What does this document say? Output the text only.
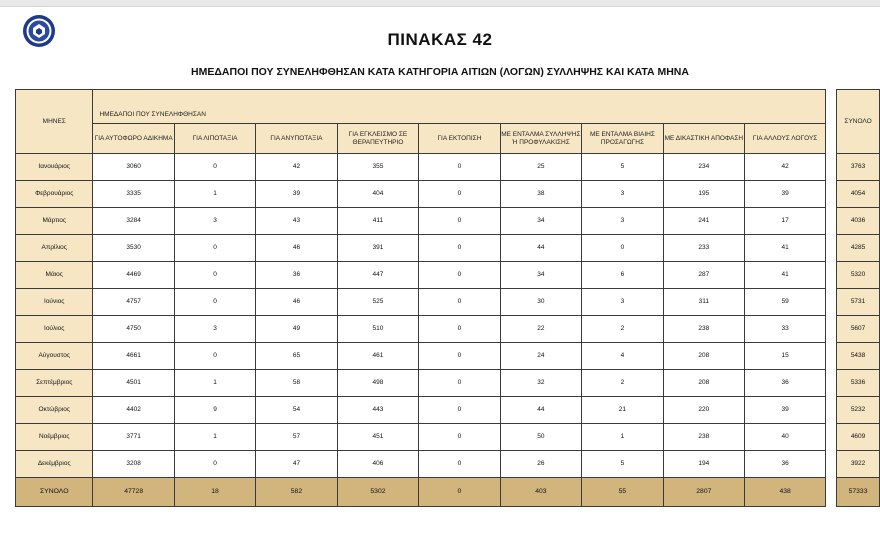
ΠΙΝΑΚΑΣ 42
ΗΜΕΔΑΠΟΙ ΠΟΥ ΣΥΝΕΛΗΦΘΗΣΑΝ ΚΑΤΑ ΚΑΤΗΓΟΡΙΑ ΑΙΤΙΩΝ (ΛΟΓΩΝ) ΣΥΛΛΗΨΗΣ ΚΑΙ ΚΑΤΑ ΜΗΝΑ
ΜΗΝΕΣ	ΗΜΕΔΑΠΟΙ ΠΟΥ ΣΥΝΕΛΗΦΘΗΣΑΝ										ΣΥΝΟΛΟ
	ΓΙΑ ΑΥΤΟΦΩΡΟ ΑΔΙΚΗΜΑ	ΓΙΑ ΛΙΠΟΤΑΞΙΑ	ΓΙΑ ΑΝΥΠΟΤΑΞΙΑ	ΓΙΑ ΕΓΚΛΕΙΣΜΟ ΣΕ ΘΕΡΑΠΕΥΤΗΡΙΟ	ΓΙΑ ΕΚΤΟΠΙΣΗ	ΜΕ ΕΝΤΑΛΜΑ ΣΥΛΛΗΨΗΣ Ή ΠΡΟΦΥΛΑΚΙΣΗΣ	ΜΕ ΕΝΤΑΛΜΑ ΒΙΑΙΗΣ ΠΡΟΣΑΓΩΓΗΣ	ΜΕ ΔΙΚΑΣΤΙΚΗ ΑΠΟΦΑΣΗ	ΓΙΑ ΑΛΛΟΥΣ ΛΟΓΟΥΣ		
Ιανουάριος	3060	0	42	355	0	25	5	234	42		3763
Φεβρουάριος	3335	1	39	404	0	38	3	195	39		4054
Μάρτιος	3284	3	43	411	0	34	3	241	17		4036
Απρίλιος	3530	0	46	391	0	44	0	233	41		4285
Μάιος	4469	0	36	447	0	34	6	287	41		5320
Ιούνιος	4757	0	46	525	0	30	3	311	59		5731
Ιούλιος	4750	3	49	510	0	22	2	238	33		5607
Αύγουστος	4661	0	65	461	0	24	4	208	15		5438
Σεπτέμβριος	4501	1	58	498	0	32	2	208	36		5336
Οκτώβριος	4402	9	54	443	0	44	21	220	39		5232
Νοέμβριος	3771	1	57	451	0	50	1	238	40		4609
Δεκέμβριος	3208	0	47	406	0	26	5	194	36		3922
ΣΥΝΟΛΟ	47728	18	582	5302	0	403	55	2807	438		57333
